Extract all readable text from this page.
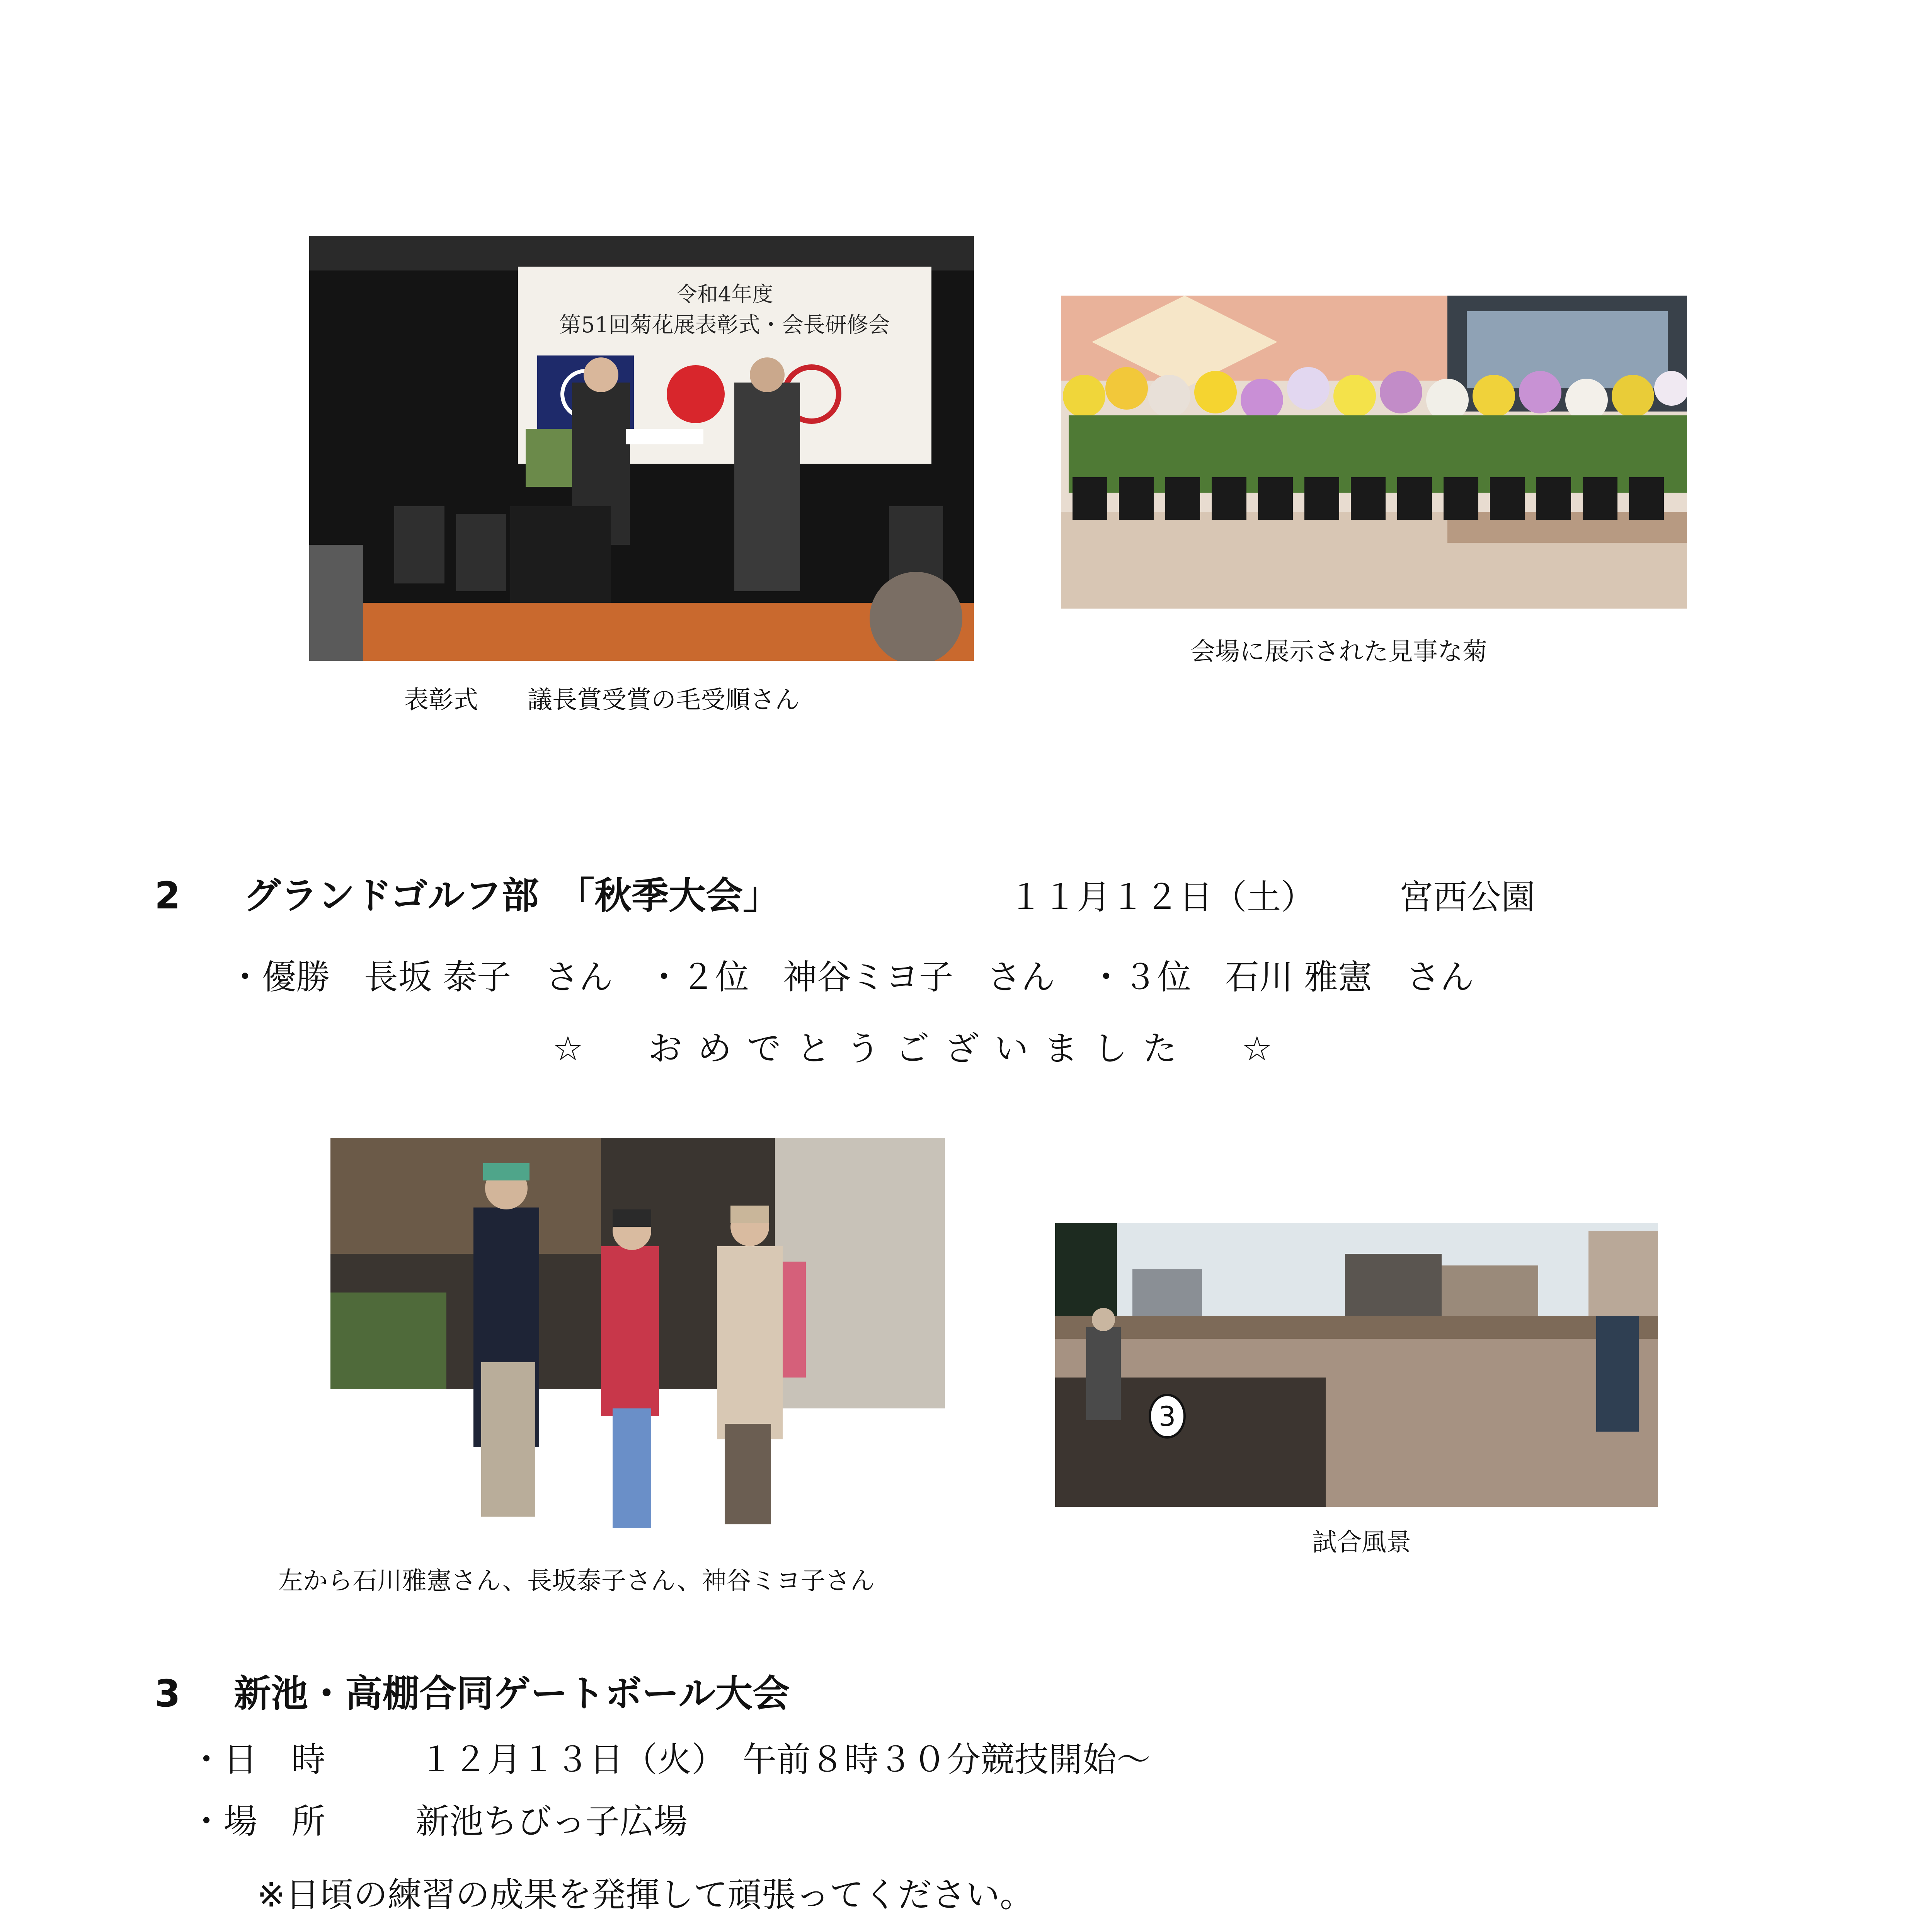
令和4年度
第51回菊花展表彰式・会長研修会
表彰式　　議長賞受賞の毛受順さん
会場に展示された見事な菊
2 グランドゴルフ部　「秋季大会」	１１月１２日（土） 宮西公園
・優勝　長坂 泰子　さん　・２位　神谷ミヨ子　さん　・３位　石川 雅憲　さん
☆　おめでとうございました　☆
左から石川雅憲さん、長坂泰子さん、神谷ミヨ子さん
3
試合風景
3 新池・高棚合同ゲートボール大会
・日　時	１２月１３日（火）　午前８時３０分競技開始～
・場　所	新池ちびっ子広場
※日頃の練習の成果を発揮して頑張ってください。
